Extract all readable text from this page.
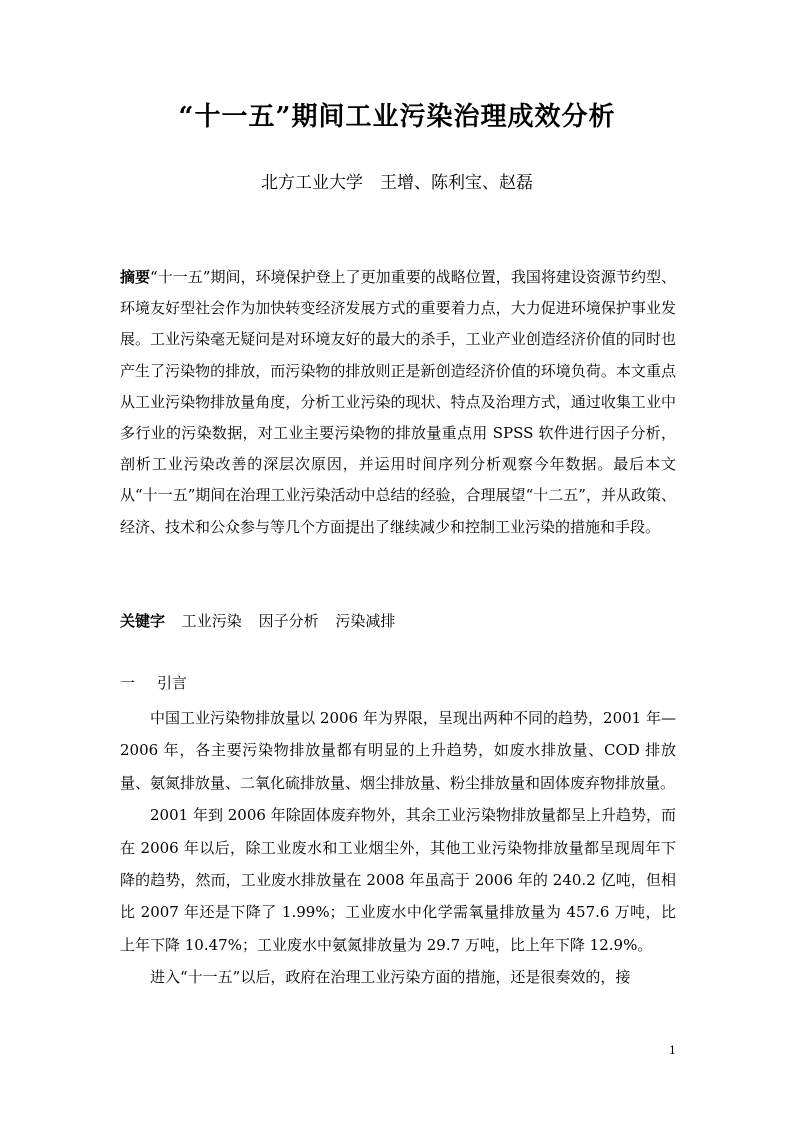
“十一五”期间工业污染治理成效分析
北方工业大学　王增、陈利宝、赵磊
摘要“十一五”期间，环境保护登上了更加重要的战略位置，我国将建设资源节约型、环境友好型社会作为加快转变经济发展方式的重要着力点，大力促进环境保护事业发展。工业污染毫无疑问是对环境友好的最大的杀手，工业产业创造经济价值的同时也产生了污染物的排放，而污染物的排放则正是新创造经济价值的环境负荷。本文重点从工业污染物排放量角度，分析工业污染的现状、特点及治理方式，通过收集工业中多行业的污染数据，对工业主要污染物的排放量重点用 SPSS 软件进行因子分析，剖析工业污染改善的深层次原因，并运用时间序列分析观察今年数据。最后本文从“十一五”期间在治理工业污染活动中总结的经验，合理展望“十二五”，并从政策、经济、技术和公众参与等几个方面提出了继续减少和控制工业污染的措施和手段。
关键字 工业污染 因子分析 污染减排
一 引言

中国工业污染物排放量以 2006 年为界限，呈现出两种不同的趋势，2001 年—2006 年，各主要污染物排放量都有明显的上升趋势，如废水排放量、COD 排放量、氨氮排放量、二氧化硫排放量、烟尘排放量、粉尘排放量和固体废弃物排放量。

2001 年到 2006 年除固体废弃物外，其余工业污染物排放量都呈上升趋势，而在 2006 年以后，除工业废水和工业烟尘外，其他工业污染物排放量都呈现周年下降的趋势，然而，工业废水排放量在 2008 年虽高于 2006 年的 240.2 亿吨，但相比 2007 年还是下降了 1.99%；工业废水中化学需氧量排放量为 457.6 万吨，比上年下降 10.47%；工业废水中氨氮排放量为 29.7 万吨，比上年下降 12.9%。

进入“十一五”以后，政府在治理工业污染方面的措施，还是很奏效的，接

1
